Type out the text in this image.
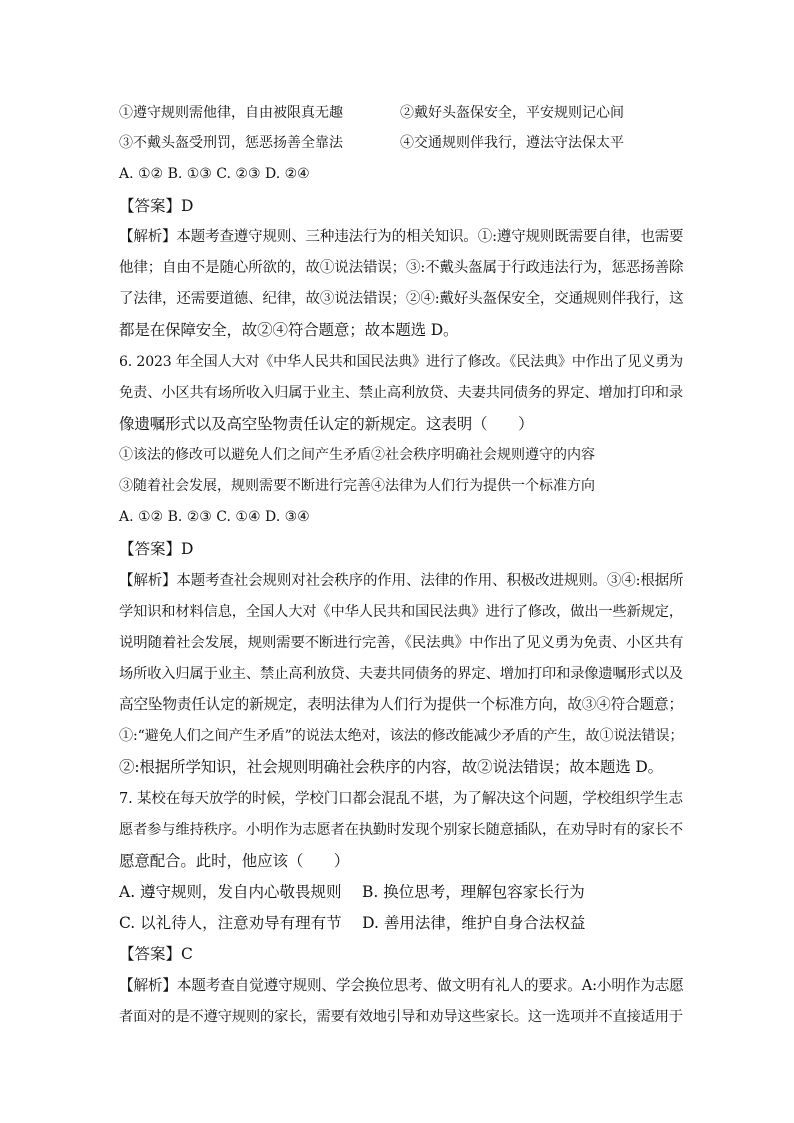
①遵守规则需他律，自由被限真无趣	②戴好头盔保安全，平安规则记心间
③不戴头盔受刑罚，惩恶扬善全靠法	④交通规则伴我行，遵法守法保太平
A. ①② B. ①③ C. ②③ D. ②④
【答案】D
【解析】本题考查遵守规则、三种违法行为的相关知识。①:遵守规则既需要自律，也需要
他律；自由不是随心所欲的，故①说法错误；③:不戴头盔属于行政违法行为，惩恶扬善除
了法律，还需要道德、纪律，故③说法错误；②④:戴好头盔保安全，交通规则伴我行，这
都是在保障安全，故②④符合题意；故本题选 D。
6. 2023 年全国人大对《中华人民共和国民法典》进行了修改。《民法典》中作出了见义勇为
免责、小区共有场所收入归属于业主、禁止高利放贷、夫妻共同债务的界定、增加打印和录
像遗嘱形式以及高空坠物责任认定的新规定。这表明（　　）
①该法的修改可以避免人们之间产生矛盾②社会秩序明确社会规则遵守的内容
③随着社会发展，规则需要不断进行完善④法律为人们行为提供一个标准方向
A. ①② B. ②③ C. ①④ D. ③④
【答案】D
【解析】本题考查社会规则对社会秩序的作用、法律的作用、积极改进规则。③④:根据所
学知识和材料信息，全国人大对《中华人民共和国民法典》进行了修改，做出一些新规定，
说明随着社会发展，规则需要不断进行完善，《民法典》中作出了见义勇为免责、小区共有
场所收入归属于业主、禁止高利放贷、夫妻共同债务的界定、增加打印和录像遗嘱形式以及
高空坠物责任认定的新规定，表明法律为人们行为提供一个标准方向，故③④符合题意；
①:“避免人们之间产生矛盾”的说法太绝对，该法的修改能减少矛盾的产生，故①说法错误；
②:根据所学知识，社会规则明确社会秩序的内容，故②说法错误；故本题选 D。
7. 某校在每天放学的时候，学校门口都会混乱不堪，为了解决这个问题，学校组织学生志
愿者参与维持秩序。小明作为志愿者在执勤时发现个别家长随意插队，在劝导时有的家长不
愿意配合。此时，他应该（　　）
A. 遵守规则，发自内心敬畏规则　 B. 换位思考，理解包容家长行为
C. 以礼待人，注意劝导有理有节　 D. 善用法律，维护自身合法权益
【答案】C
【解析】本题考查自觉遵守规则、学会换位思考、做文明有礼人的要求。A:小明作为志愿
者面对的是不遵守规则的家长，需要有效地引导和劝导这些家长。这一选项并不直接适用于
